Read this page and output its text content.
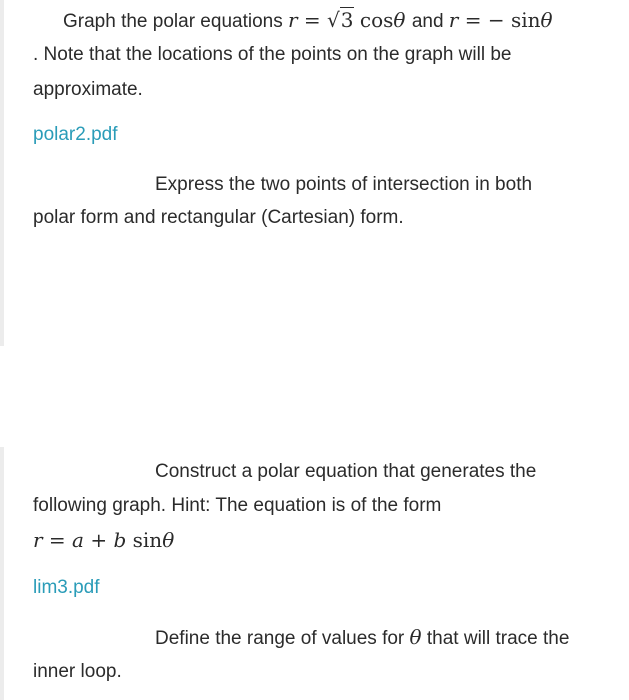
Graph the polar equations r = √3 cosθ and r = − sinθ
. Note that the locations of the points on the graph will be
approximate.
polar2.pdf
Express the two points of intersection in both
polar form and rectangular (Cartesian) form.
Construct a polar equation that generates the
following graph. Hint: The equation is of the form
r = a + b sinθ
lim3.pdf
Define the range of values for θ that will trace the
inner loop.
